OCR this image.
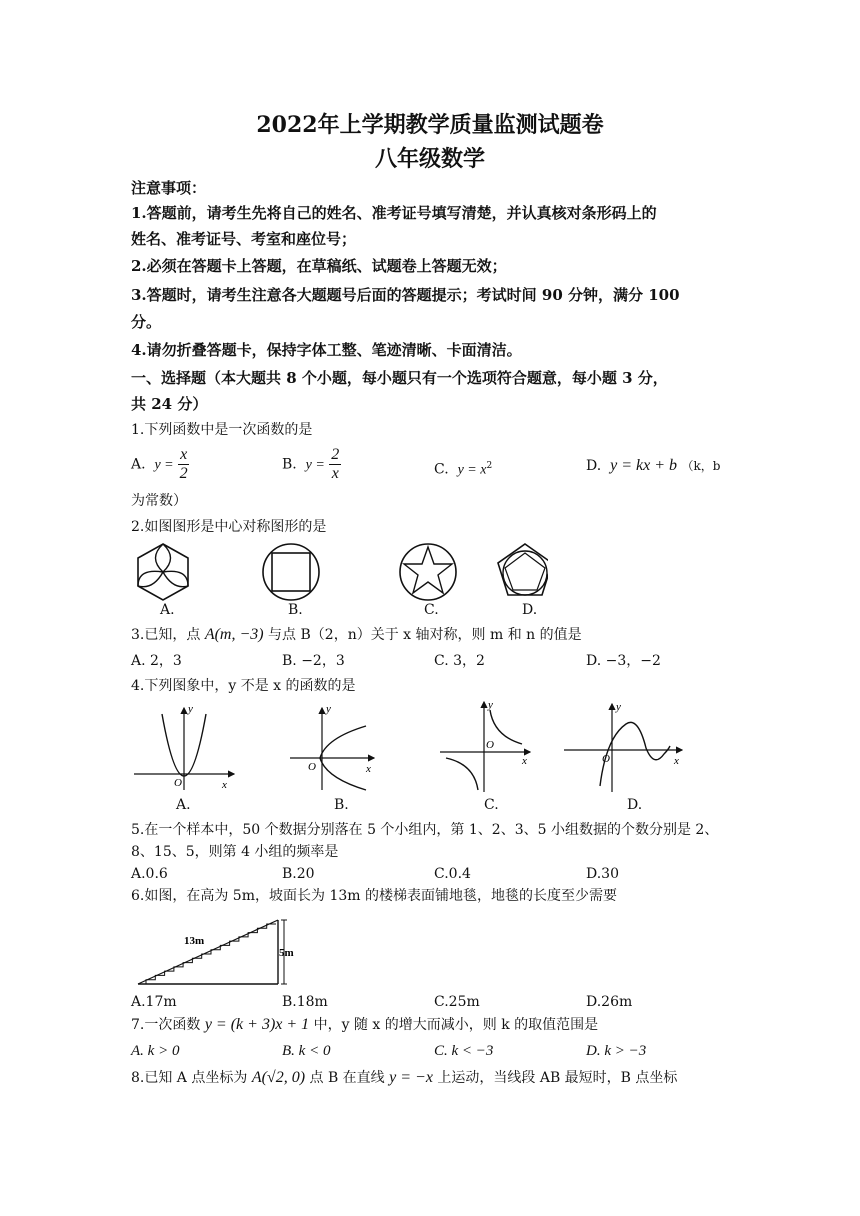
2022年上学期教学质量监测试题卷
八年级数学
注意事项：
1.答题前，请考生先将自己的姓名、准考证号填写清楚，并认真核对条形码上的
姓名、准考证号、考室和座位号；
2.必须在答题卡上答题，在草稿纸、试题卷上答题无效；
3.答题时，请考生注意各大题题号后面的答题提示；考试时间 90 分钟，满分 100
分。
4.请勿折叠答题卡，保持字体工整、笔迹清晰、卡面清洁。
一、选择题（本大题共 8 个小题，每小题只有一个选项符合题意，每小题 3 分，
共 24 分）
1.下列函数中是一次函数的是
A. $y = \frac{x}{2}$	B. $y = \frac{2}{x}$	C. $y = x^2$	D. y = kx + b （k，b
为常数）
2.如图图形是中心对称图形的是
A.	B.	C.	D.
3.已知，点 A(m, −3) 与点 B（2，n）关于 x 轴对称，则 m 和 n 的值是
A. 2，3	B. −2，3	C. 3，2	D. −3，−2
4.下列图象中，y 不是 x 的函数的是
O	x
y
O	x
y
O
x
y
O	x
y
A.	B.	C.	D.
5.在一个样本中，50 个数据分别落在 5 个小组内，第 1、2、3、5 小组数据的个数分别是 2、
8、15、5，则第 4 小组的频率是
A.0.6	B.20	C.0.4	D.30
6.如图，在高为 5m，坡面长为 13m 的楼梯表面铺地毯，地毯的长度至少需要
13m
5m
A.17m	B.18m	C.25m	D.26m
7.一次函数 y = (k + 3)x + 1 中，y 随 x 的增大而减小，则 k 的取值范围是
A. k > 0	B. k < 0	C. k < −3	D. k > −3
8.已知 A 点坐标为 A(√2, 0) 点 B 在直线 y = −x 上运动，当线段 AB 最短时，B 点坐标
